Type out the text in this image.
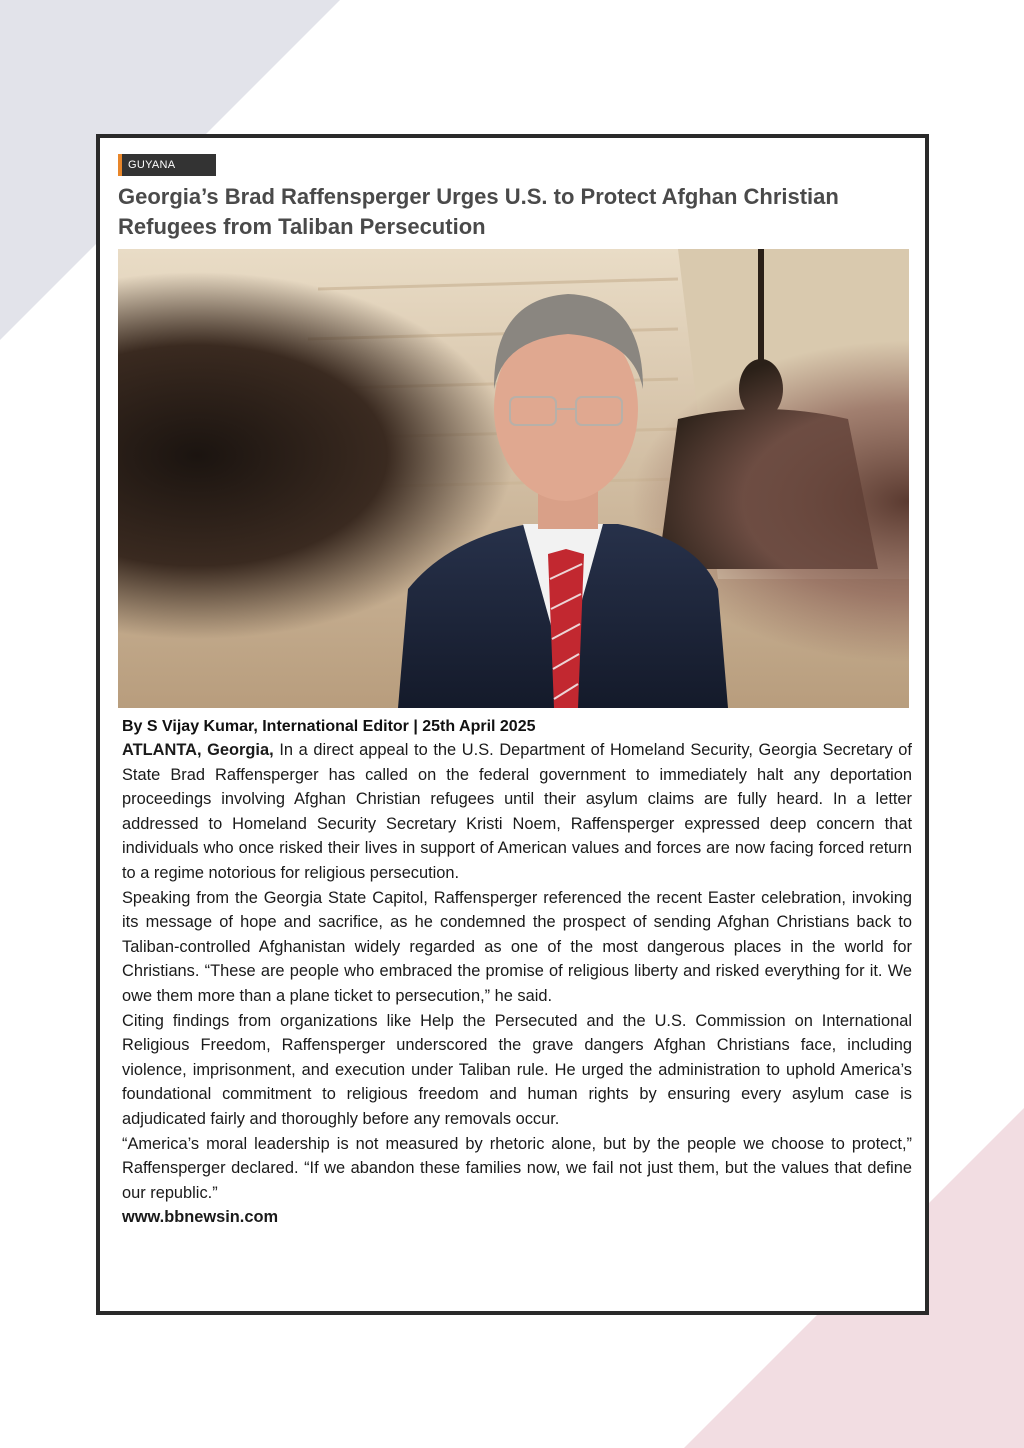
GUYANA
Georgia’s Brad Raffensperger Urges U.S. to Protect Afghan Christian Refugees from Taliban Persecution

By S Vijay Kumar, International Editor | 25th April 2025

ATLANTA, Georgia, In a direct appeal to the U.S. Department of Homeland Security, Georgia Secretary of State Brad Raffensperger has called on the federal government to immediately halt any deportation proceedings involving Afghan Christian refugees until their asylum claims are fully heard. In a letter addressed to Homeland Security Secretary Kristi Noem, Raffensperger expressed deep concern that individuals who once risked their lives in support of American values and forces are now facing forced return to a regime notorious for religious persecution.

Speaking from the Georgia State Capitol, Raffensperger referenced the recent Easter celebration, invoking its message of hope and sacrifice, as he condemned the prospect of sending Afghan Christians back to Taliban-controlled Afghanistan widely regarded as one of the most dangerous places in the world for Christians. “These are people who embraced the promise of religious liberty and risked everything for it. We owe them more than a plane ticket to persecution,” he said.

Citing findings from organizations like Help the Persecuted and the U.S. Commission on International Religious Freedom, Raffensperger underscored the grave dangers Afghan Christians face, including violence, imprisonment, and execution under Taliban rule. He urged the administration to uphold America’s foundational commitment to religious freedom and human rights by ensuring every asylum case is adjudicated fairly and thoroughly before any removals occur.

“America’s moral leadership is not measured by rhetoric alone, but by the people we choose to protect,” Raffensperger declared. “If we abandon these families now, we fail not just them, but the values that define our republic.”

www.bbnewsin.com
